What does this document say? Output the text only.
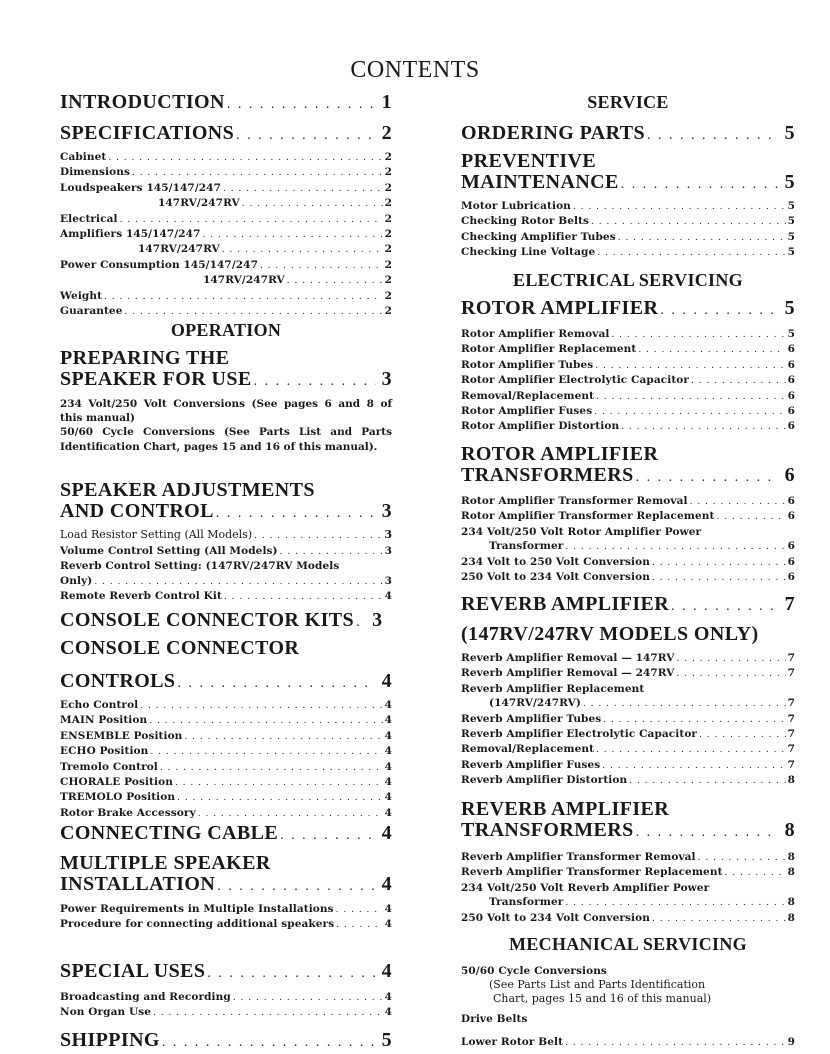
CONTENTS
INTRODUCTION . . .	1
SPECIFICATIONS . . .	2
Cabinet . . .	2
Dimensions . . .	2
Loudspeakers 145/147/247 . . .	2
147RV/247RV . . .	2
Electrical . . .	2
Amplifiers 145/147/247 . . .	2
147RV/247RV . . .	2
Power Consumption 145/147/247 . . .	2
147RV/247RV . . .	2
Weight . . .	2
Guarantee . . .	2
OPERATION
PREPARING THE
SPEAKER FOR USE . . .	3
234 Volt/250 Volt Conversions (See pages 6 and 8 of this manual)
50/60 Cycle Conversions (See Parts List and Parts Identification Chart, pages 15 and 16 of this manual).
SPEAKER ADJUSTMENTS
AND CONTROL . . .	3
Load Resistor Setting (All Models) . . .	3
Volume Control Setting (All Models) . . .	3
Reverb Control Setting: (147RV/247RV Models
Only) . . .	3
Remote Reverb Control Kit . . .	4
CONSOLE CONNECTOR KITS . . . 3
CONSOLE CONNECTOR
CONTROLS . . .	4
Echo Control . . .	4
MAIN Position . . .	4
ENSEMBLE Position . . .	4
ECHO Position . . .	4
Tremolo Control . . .	4
CHORALE Position . . .	4
TREMOLO Position . . .	4
Rotor Brake Accessory . . .	4
CONNECTING CABLE . . .	4
MULTIPLE SPEAKER
INSTALLATION . . .	4
Power Requirements in Multiple Installations . . .	4
Procedure for connecting additional speakers . . .	4
SPECIAL USES . . .	4
Broadcasting and Recording . . .	4
Non Organ Use . . .	4
SHIPPING . . .	5
SERVICE
ORDERING PARTS . . .	5
PREVENTIVE
MAINTENANCE . . .	5
Motor Lubrication . . .	5
Checking Rotor Belts . . .	5
Checking Amplifier Tubes . . .	5
Checking Line Voltage . . .	5
ELECTRICAL SERVICING
ROTOR AMPLIFIER . . .	5
Rotor Amplifier Removal . . .	5
Rotor Amplifier Replacement . . .	6
Rotor Amplifier Tubes . . .	6
Rotor Amplifier Electrolytic Capacitor . . .	6
Removal/Replacement . . .	6
Rotor Amplifier Fuses . . .	6
Rotor Amplifier Distortion . . .	6
ROTOR AMPLIFIER
TRANSFORMERS . . .	6
Rotor Amplifier Transformer Removal . . .	6
Rotor Amplifier Transformer Replacement . . .	6
234 Volt/250 Volt Rotor Amplifier Power
Transformer . . .	6
234 Volt to 250 Volt Conversion . . .	6
250 Volt to 234 Volt Conversion . . .	6
REVERB AMPLIFIER . . .	7
(147RV/247RV MODELS ONLY)
Reverb Amplifier Removal — 147RV . . .	7
Reverb Amplifier Removal — 247RV . . .	7
Reverb Amplifier Replacement
(147RV/247RV) . . .	7
Reverb Amplifier Tubes . . .	7
Reverb Amplifier Electrolytic Capacitor . . .	7
Removal/Replacement . . .	7
Reverb Amplifier Fuses . . .	7
Reverb Amplifier Distortion . . .	8
REVERB AMPLIFIER
TRANSFORMERS . . .	8
Reverb Amplifier Transformer Removal . . .	8
Reverb Amplifier Transformer Replacement . . .	8
234 Volt/250 Volt Reverb Amplifier Power
Transformer . . .	8
250 Volt to 234 Volt Conversion . . .	8
MECHANICAL SERVICING
50/60 Cycle Conversions
(See Parts List and Parts Identification
Chart, pages 15 and 16 of this manual)
Drive Belts
Lower Rotor Belt . . .	9
